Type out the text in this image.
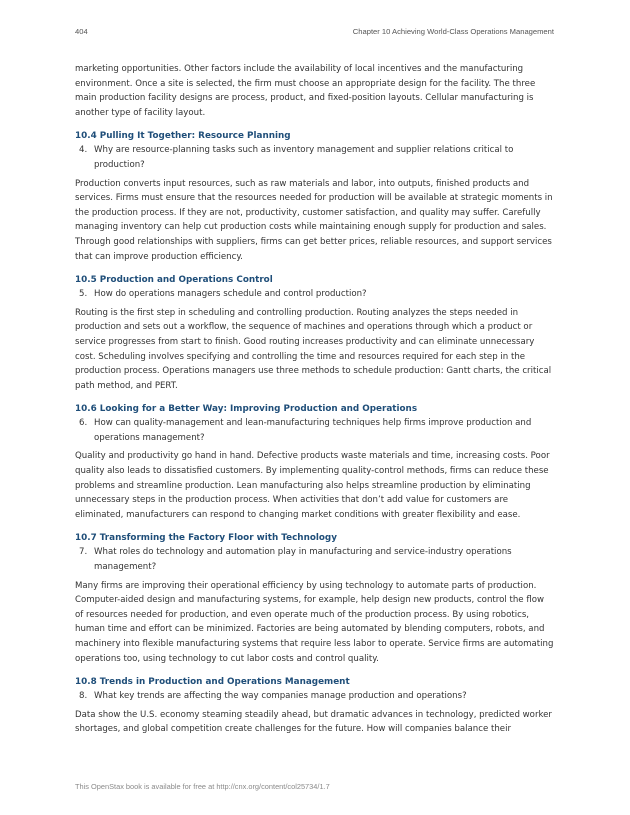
404	Chapter 10 Achieving World-Class Operations Management

marketing opportunities. Other factors include the availability of local incentives and the manufacturing environment. Once a site is selected, the firm must choose an appropriate design for the facility. The three main production facility designs are process, product, and fixed-position layouts. Cellular manufacturing is another type of facility layout.

10.4 Pulling It Together: Resource Planning
4. Why are resource-planning tasks such as inventory management and supplier relations critical to production?

Production converts input resources, such as raw materials and labor, into outputs, finished products and services. Firms must ensure that the resources needed for production will be available at strategic moments in the production process. If they are not, productivity, customer satisfaction, and quality may suffer. Carefully managing inventory can help cut production costs while maintaining enough supply for production and sales. Through good relationships with suppliers, firms can get better prices, reliable resources, and support services that can improve production efficiency.

10.5 Production and Operations Control
5. How do operations managers schedule and control production?

Routing is the first step in scheduling and controlling production. Routing analyzes the steps needed in production and sets out a workflow, the sequence of machines and operations through which a product or service progresses from start to finish. Good routing increases productivity and can eliminate unnecessary cost. Scheduling involves specifying and controlling the time and resources required for each step in the production process. Operations managers use three methods to schedule production: Gantt charts, the critical path method, and PERT.

10.6 Looking for a Better Way: Improving Production and Operations
6. How can quality-management and lean-manufacturing techniques help firms improve production and operations management?

Quality and productivity go hand in hand. Defective products waste materials and time, increasing costs. Poor quality also leads to dissatisfied customers. By implementing quality-control methods, firms can reduce these problems and streamline production. Lean manufacturing also helps streamline production by eliminating unnecessary steps in the production process. When activities that don’t add value for customers are eliminated, manufacturers can respond to changing market conditions with greater flexibility and ease.

10.7 Transforming the Factory Floor with Technology
7. What roles do technology and automation play in manufacturing and service-industry operations management?

Many firms are improving their operational efficiency by using technology to automate parts of production. Computer-aided design and manufacturing systems, for example, help design new products, control the flow of resources needed for production, and even operate much of the production process. By using robotics, human time and effort can be minimized. Factories are being automated by blending computers, robots, and machinery into flexible manufacturing systems that require less labor to operate. Service firms are automating operations too, using technology to cut labor costs and control quality.

10.8 Trends in Production and Operations Management
8. What key trends are affecting the way companies manage production and operations?

Data show the U.S. economy steaming steadily ahead, but dramatic advances in technology, predicted worker shortages, and global competition create challenges for the future. How will companies balance their

This OpenStax book is available for free at http://cnx.org/content/col25734/1.7
